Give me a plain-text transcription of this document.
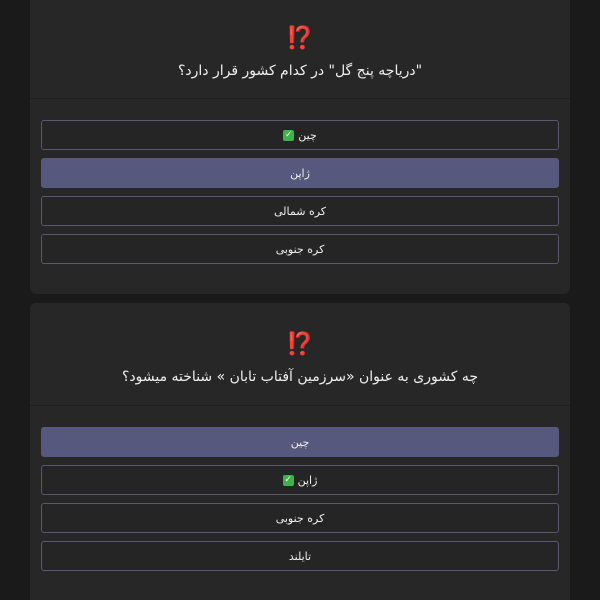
⁉️
"دریاچه پنج گل" در کدام کشور قرار دارد؟
چین
✓
ژاپن
کره شمالی
کره جنوبی
⁉️
چه کشوری به عنوان «سرزمین آفتاب تابان » شناخته میشود؟
چین
ژاپن
✓
کره جنوبی
تایلند
